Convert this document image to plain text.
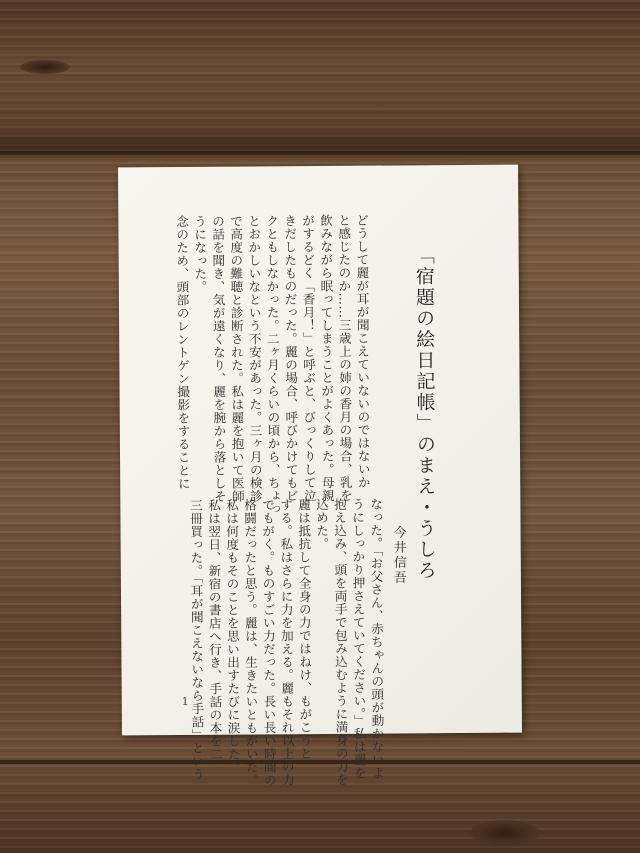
「宿題の絵日記帳」のまえ・うしろ
今井信吾
なった。「お父さん、赤ちゃんの頭が動かないよ
うにしっかり押さえていてください。」私は麗を
抱え込み、頭を両手で包み込むように満身の力を
込めた。
麗は抵抗して全身の力ではねけ、もがこうと
する。私はさらに力を加える。麗もそれ以上の力
でもがく。ものすごい力だった。長い長い時間の
格闘だったと思う。麗は、生きたいともがいた。
私は何度もそのことを思い出すたびに涙した。
私は翌日、新宿の書店へ行き、手話の本を二、
三冊買った。「耳が聞こえないなら手話」という
どうして麗が耳が聞こえていないのではないか
と感じたのか……三歳上の姉の香月の場合、乳を
飲みながら眠ってしまうことがよくあった。母親
がするどく「香月！」と呼ぶと、びっくりして泣
きだしたものだった。麗の場合、呼びかけてもビ
クともしなかった。二ヶ月くらいの頃から、ちょっ
とおかしいなという不安があった。三ヶ月の検診
で高度の難聴と診断された。私は麗を抱いて医師
の話を聞き、気が遠くなり、麗を腕から落としそ
うになった。
念のため、頭部のレントゲン撮影をすることに
1
